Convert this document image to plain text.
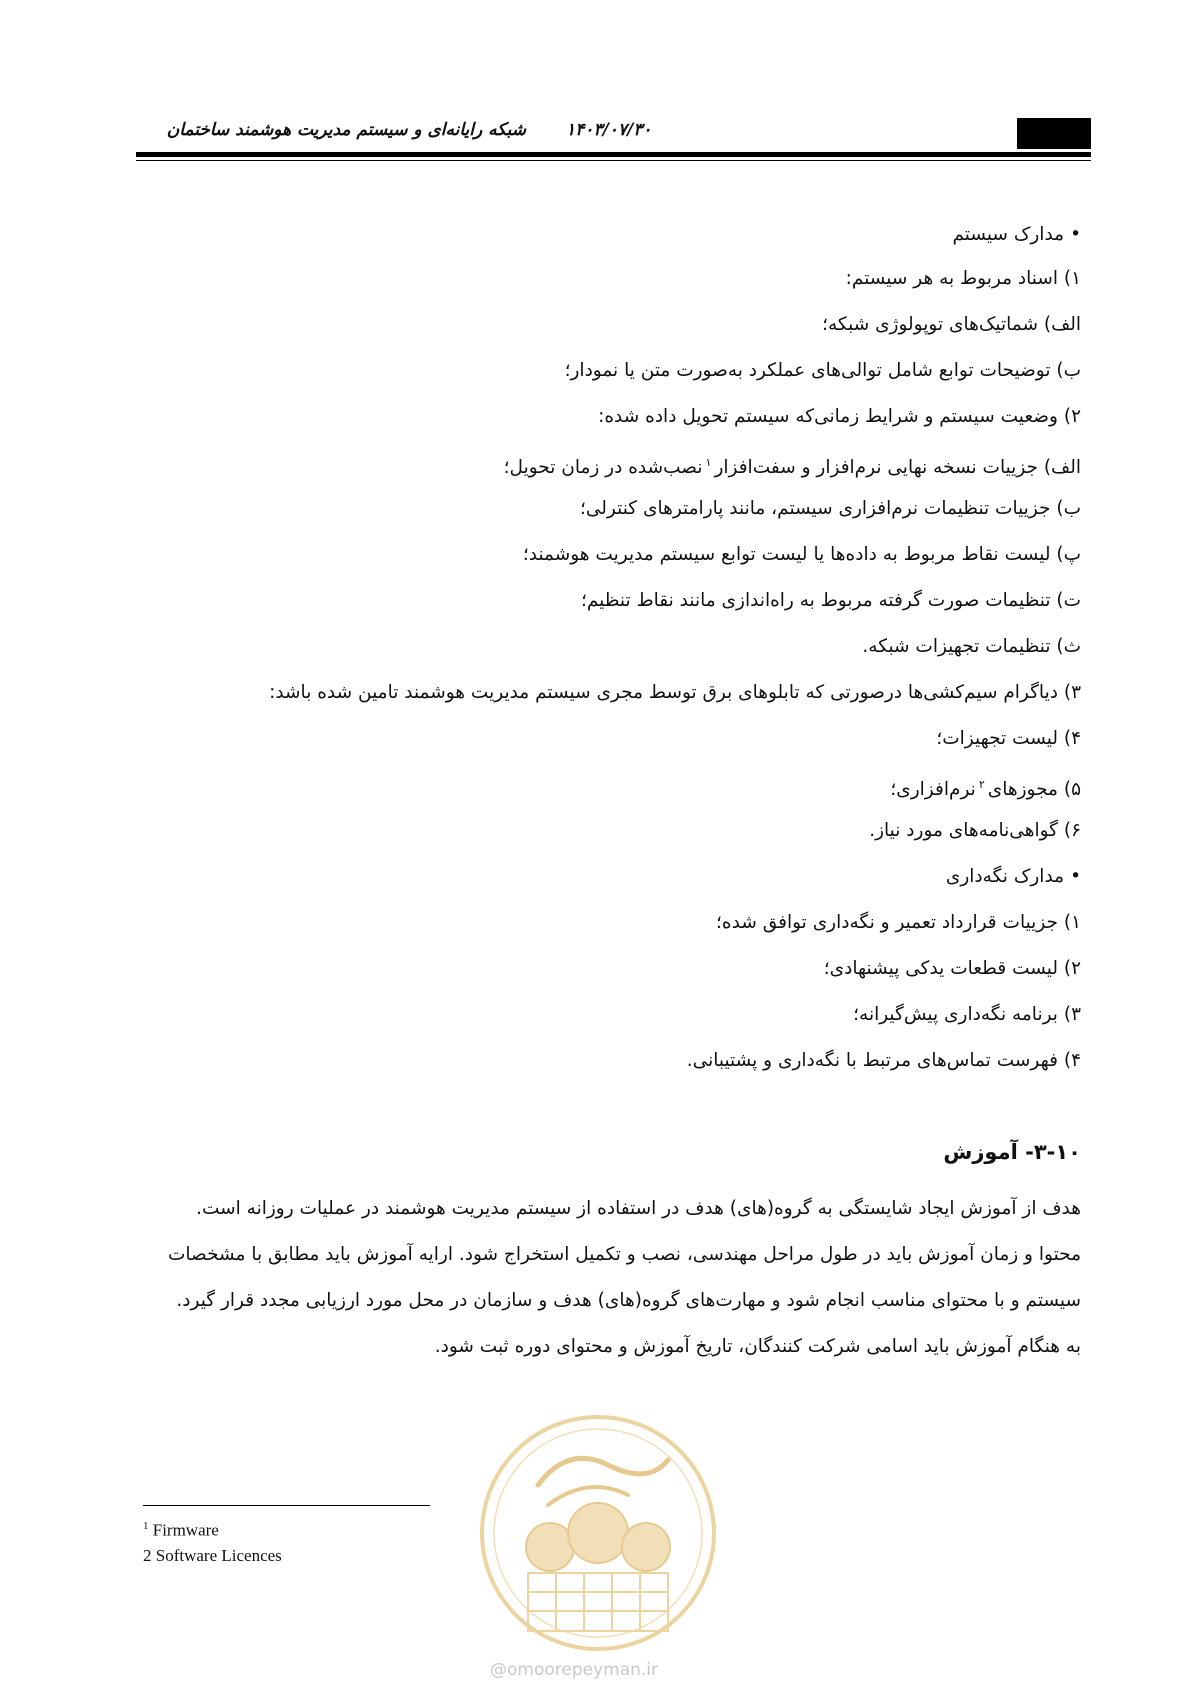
شبکه رایانه‌ای و سیستم مدیریت هوشمند ساختمان ۱۴۰۳/۰۷/۳۰
• مدارک سیستم
۱) اسناد مربوط به هر سیستم:
الف) شماتیک‌های توپولوژی شبکه؛
ب) توضیحات توابع شامل توالی‌های عملکرد به‌صورت متن یا نمودار؛
۲) وضعیت سیستم و شرایط زمانی‌که سیستم تحویل داده شده:
الف) جزییات نسخه نهایی نرم‌افزار و سفت‌افزار$^۱$نصب‌شده در زمان تحویل؛
ب) جزییات تنظیمات نرم‌افزاری سیستم، مانند پارامترهای کنترلی؛
پ) لیست نقاط مربوط به داده‌ها یا لیست توابع سیستم مدیریت هوشمند؛
ت) تنظیمات صورت گرفته مربوط به راه‌اندازی مانند نقاط تنظیم؛
ث) تنظیمات تجهیزات شبکه.
۳) دیاگرام سیم‌کشی‌ها درصورتی که تابلوهای برق توسط مجری سیستم مدیریت هوشمند تامین شده باشد:
۴) لیست تجهیزات؛
۵) مجوزهای$^۲$نرم‌افزاری؛
۶) گواهی‌نامه‌های مورد نیاز.
• مدارک نگه‌داری
۱) جزییات قرارداد تعمیر و نگه‌داری توافق شده؛
۲) لیست قطعات یدکی پیشنهادی؛
۳) برنامه نگه‌داری پیش‌گیرانه؛
۴) فهرست تماس‌های مرتبط با نگه‌داری و پشتیبانی.
۳-۱۰- آموزش
هدف از آموزش ایجاد شایستگی به گروه(های) هدف در استفاده از سیستم مدیریت هوشمند در عملیات روزانه است.
محتوا و زمان آموزش باید در طول مراحل مهندسی، نصب و تکمیل استخراج شود. ارایه آموزش باید مطابق با مشخصات
سیستم و با محتوای مناسب انجام شود و مهارت‌های گروه(های) هدف و سازمان در محل مورد ارزیابی مجدد قرار گیرد.
به هنگام آموزش باید اسامی شرکت کنندگان، تاریخ آموزش و محتوای دوره ثبت شود.
@omoorepeyman.ir
$^1$ Firmware
2 Software Licences
